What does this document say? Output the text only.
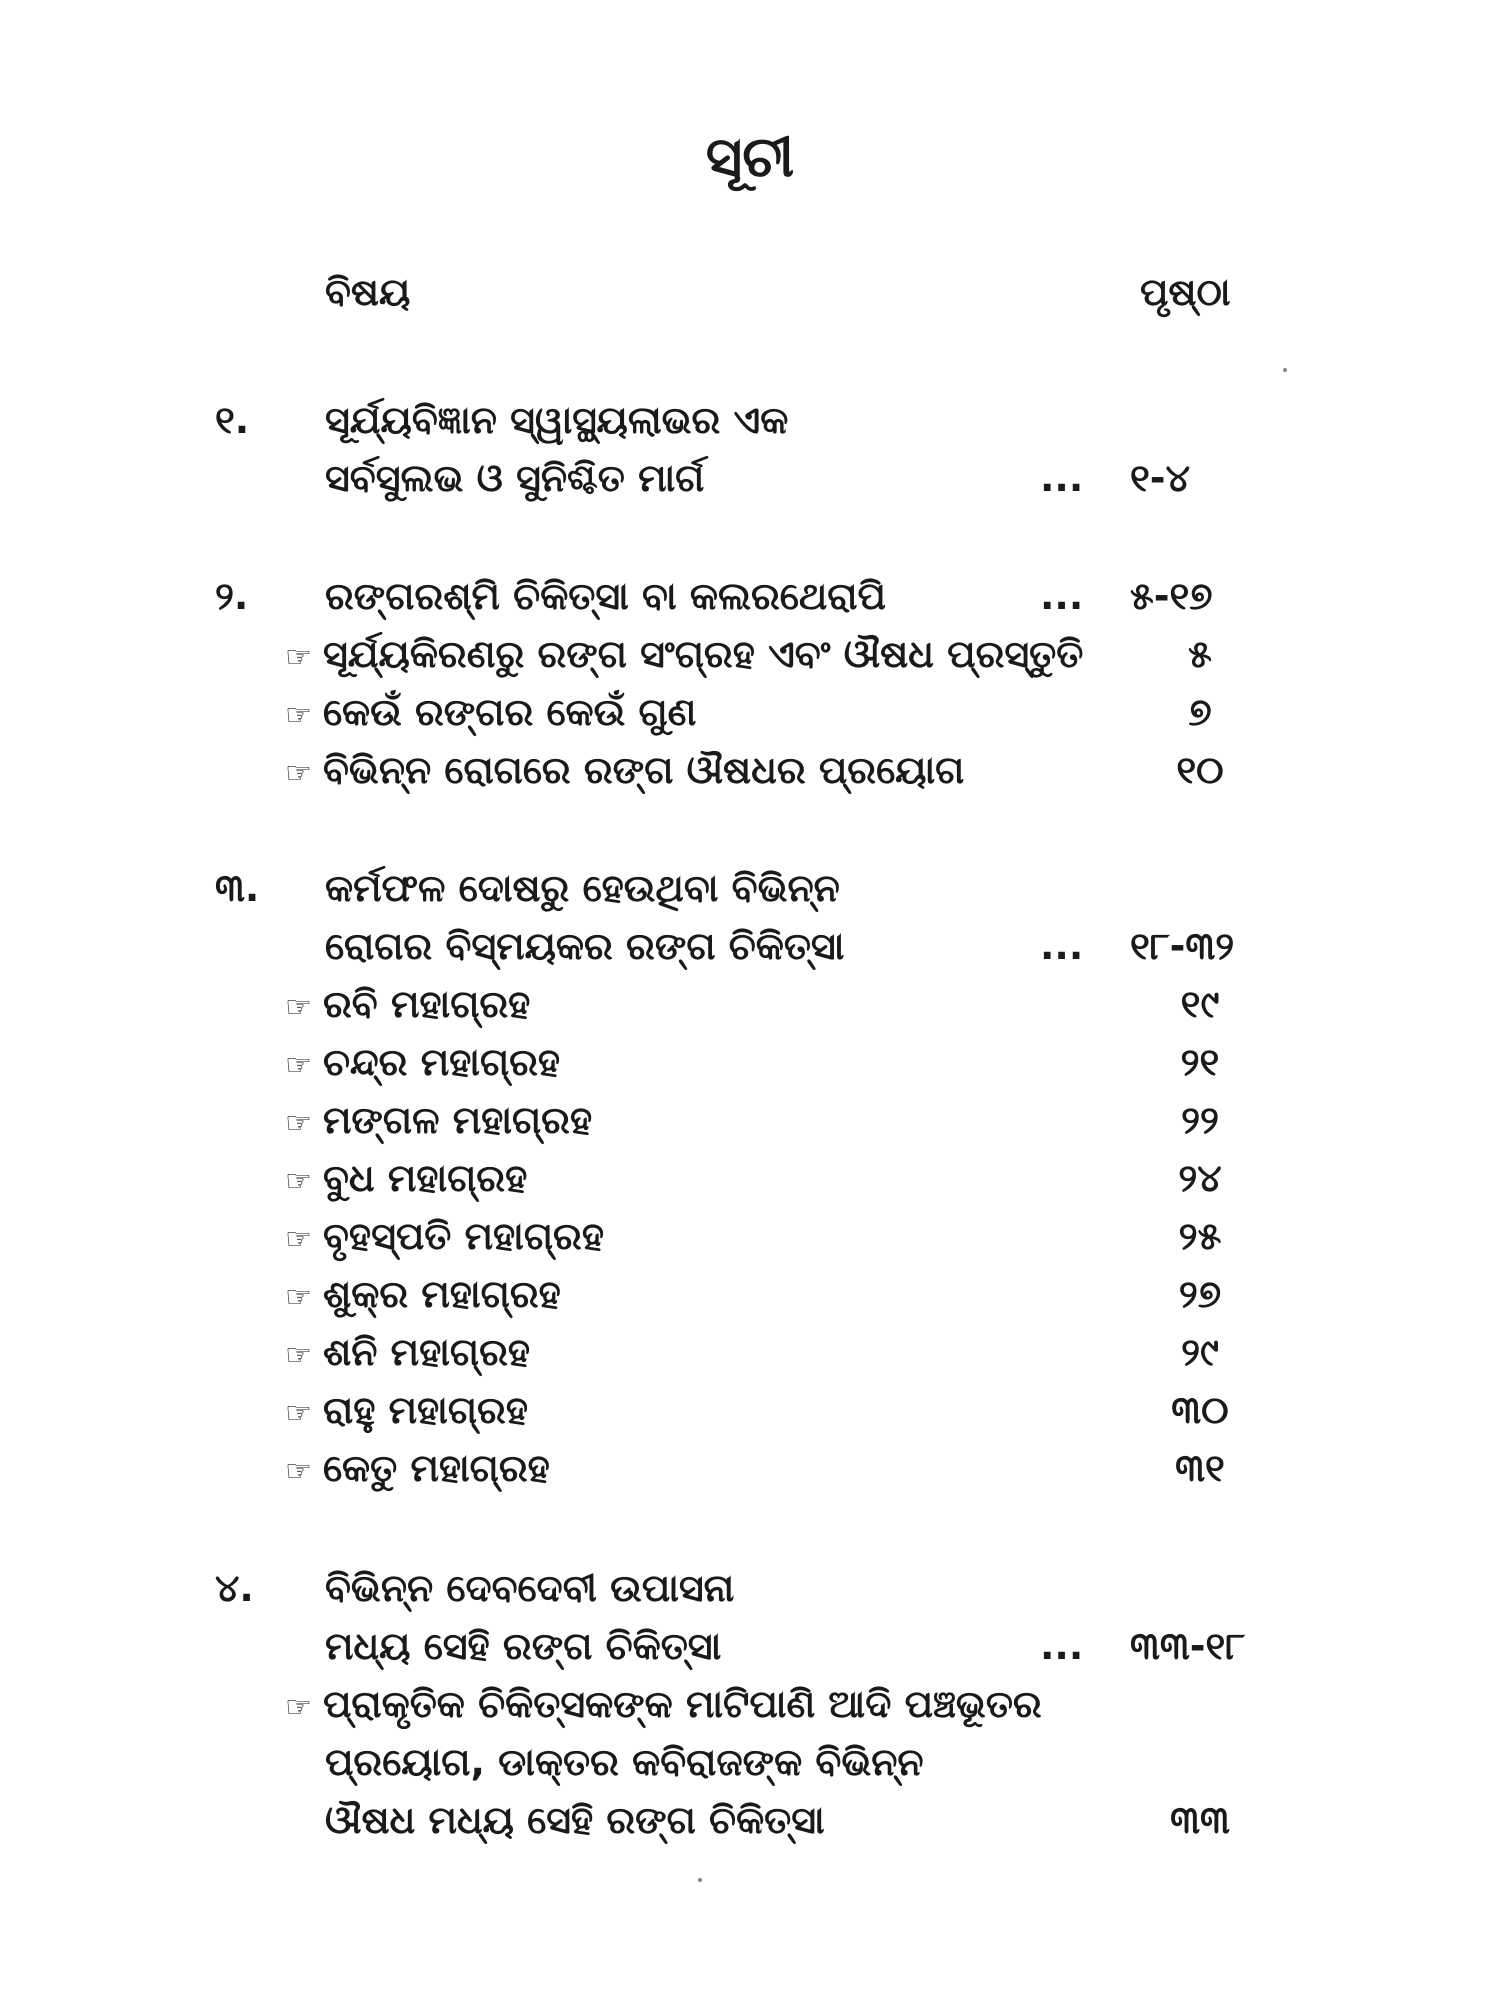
ସୂଚୀ
ବିଷୟ	ପୃଷ୍ଠା
୧.	ସୂର୍ଯ୍ୟବିଜ୍ଞାନ ସ୍ୱାସ୍ଥ୍ୟଲାଭର ଏକ
ସର୍ବସୁଲଭ ଓ ସୁନିଶ୍ଚିତ ମାର୍ଗ	... ୧-୪
୨.	ରଙ୍ଗରଶ୍ମି ଚିକିତ୍ସା ବା କଲରଥେରାପି	... ୫-୧୭
☞ ସୂର୍ଯ୍ୟକିରଣରୁ ରଙ୍ଗ ସଂଗ୍ରହ ଏବଂ ଔଷଧ ପ୍ରସ୍ତୁତି	୫
☞ କେଉଁ ରଙ୍ଗର କେଉଁ ଗୁଣ	୭
☞ ବିଭିନ୍ନ ରୋଗରେ ରଙ୍ଗ ଔଷଧର ପ୍ରୟୋଗ	୧୦
୩.	କର୍ମଫଳ ଦୋଷରୁ ହେଉଥିବା ବିଭିନ୍ନ
ରୋଗର ବିସ୍ମୟକର ରଙ୍ଗ ଚିକିତ୍ସା	... ୧୮-୩୨
☞ ରବି ମହାଗ୍ରହ	୧୯
☞ ଚନ୍ଦ୍ର ମହାଗ୍ରହ	୨୧
☞ ମଙ୍ଗଳ ମହାଗ୍ରହ	୨୨
☞ ବୁଧ ମହାଗ୍ରହ	୨୪
☞ ବୃହସ୍ପତି ମହାଗ୍ରହ	୨୫
☞ ଶୁକ୍ର ମହାଗ୍ରହ	୨୭
☞ ଶନି ମହାଗ୍ରହ	୨୯
☞ ରାହୁ ମହାଗ୍ରହ	୩୦
☞ କେତୁ ମହାଗ୍ରହ	୩୧
୪.	ବିଭିନ୍ନ ଦେବଦେବୀ ଉପାସନା
ମଧ୍ୟ ସେହି ରଙ୍ଗ ଚିକିତ୍ସା	... ୩୩-୧୮
☞ ପ୍ରାକୃତିକ ଚିକିତ୍ସକଙ୍କ ମାଟିପାଣି ଆଦି ପଞ୍ଚଭୂତର
ପ୍ରୟୋଗ, ଡାକ୍ତର କବିରାଜଙ୍କ ବିଭିନ୍ନ
ଔଷଧ ମଧ୍ୟ ସେହି ରଙ୍ଗ ଚିକିତ୍ସା	୩୩
